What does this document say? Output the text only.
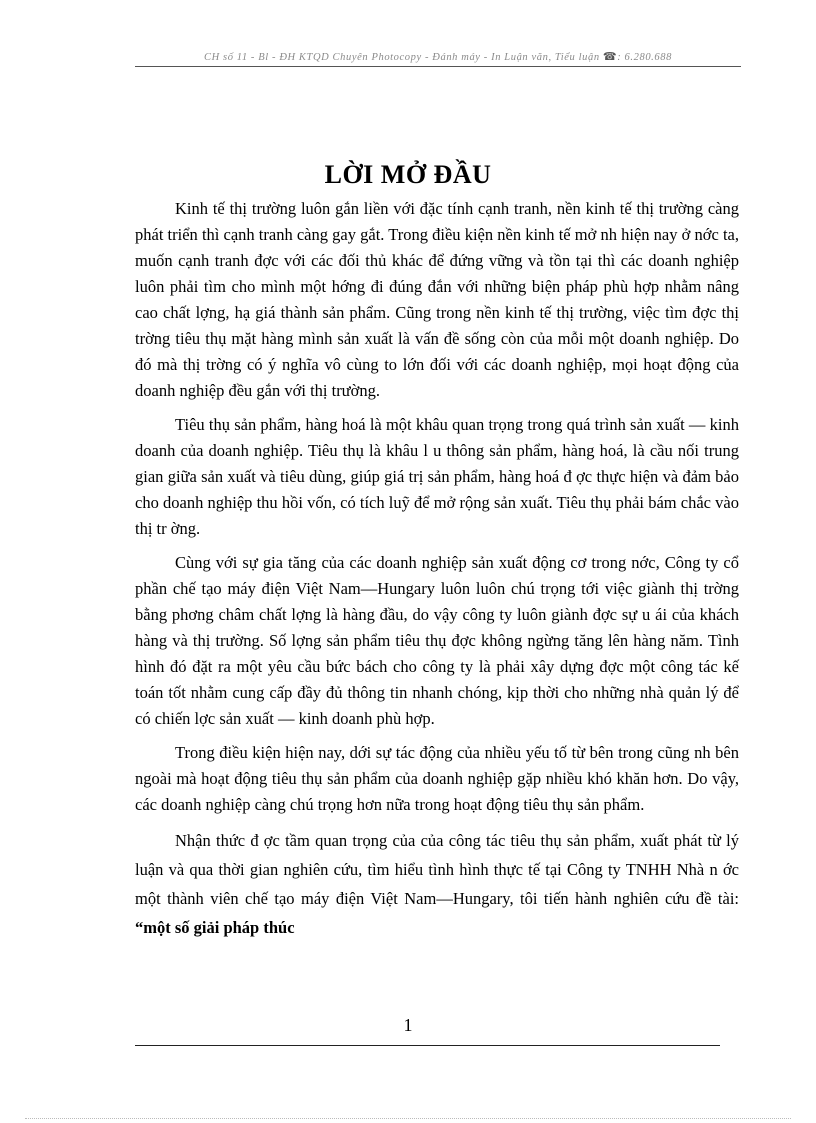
CH số 11 - Bl - ĐH KTQD Chuyên Photocopy - Đánh máy - In Luận văn, Tiểu luận ☎: 6.280.688
LỜI MỞ ĐẦU

Kinh tế thị trường luôn gắn liền với đặc tính cạnh tranh, nền kinh tế thị trường càng phát triển thì cạnh tranh càng gay gắt. Trong điều kiện nền kinh tế mở nh hiện nay ở nớc ta, muốn cạnh tranh đợc với các đối thủ khác để đứng vững và tồn tại thì các doanh nghiệp luôn phải tìm cho mình một hớng đi đúng đắn với những biện pháp phù hợp nhằm nâng cao chất lợng, hạ giá thành sản phẩm. Cũng trong nền kinh tế thị trường, việc tìm đợc thị trờng tiêu thụ mặt hàng mình sản xuất là vấn đề sống còn của mỗi một doanh nghiệp. Do đó mà thị trờng có ý nghĩa vô cùng to lớn đối với các doanh nghiệp, mọi hoạt động của doanh nghiệp đều gắn với thị trường.

Tiêu thụ sản phẩm, hàng hoá là một khâu quan trọng trong quá trình sản xuất — kinh doanh của doanh nghiệp. Tiêu thụ là khâu l u thông sản phẩm, hàng hoá, là cầu nối trung gian giữa sản xuất và tiêu dùng, giúp giá trị sản phẩm, hàng hoá đ ợc thực hiện và đảm bảo cho doanh nghiệp thu hồi vốn, có tích luỹ để mở rộng sản xuất. Tiêu thụ phải bám chắc vào thị tr ờng.

Cùng với sự gia tăng của các doanh nghiệp sản xuất động cơ trong nớc, Công ty cổ phần chế tạo máy điện Việt Nam—Hungary luôn luôn chú trọng tới việc giành thị trờng bằng phơng châm chất lợng là hàng đầu, do vậy công ty luôn giành đợc sự u ái của khách hàng và thị trường. Số lợng sản phẩm tiêu thụ đợc không ngừng tăng lên hàng năm. Tình hình đó đặt ra một yêu cầu bức bách cho công ty là phải xây dựng đợc một công tác kế toán tốt nhằm cung cấp đầy đủ thông tin nhanh chóng, kịp thời cho những nhà quản lý để có chiến lợc sản xuất — kinh doanh phù hợp.

Trong điều kiện hiện nay, dới sự tác động của nhiều yếu tố từ bên trong cũng nh bên ngoài mà hoạt động tiêu thụ sản phẩm của doanh nghiệp gặp nhiều khó khăn hơn. Do vậy, các doanh nghiệp càng chú trọng hơn nữa trong hoạt động tiêu thụ sản phẩm.

Nhận thức đ ợc tầm quan trọng của của công tác tiêu thụ sản phẩm, xuất phát từ lý luận và qua thời gian nghiên cứu, tìm hiểu tình hình thực tế tại Công ty TNHH Nhà n ớc một thành viên chế tạo máy điện Việt Nam—Hungary, tôi tiến hành nghiên cứu đề tài: “một số giải pháp thúc

1
